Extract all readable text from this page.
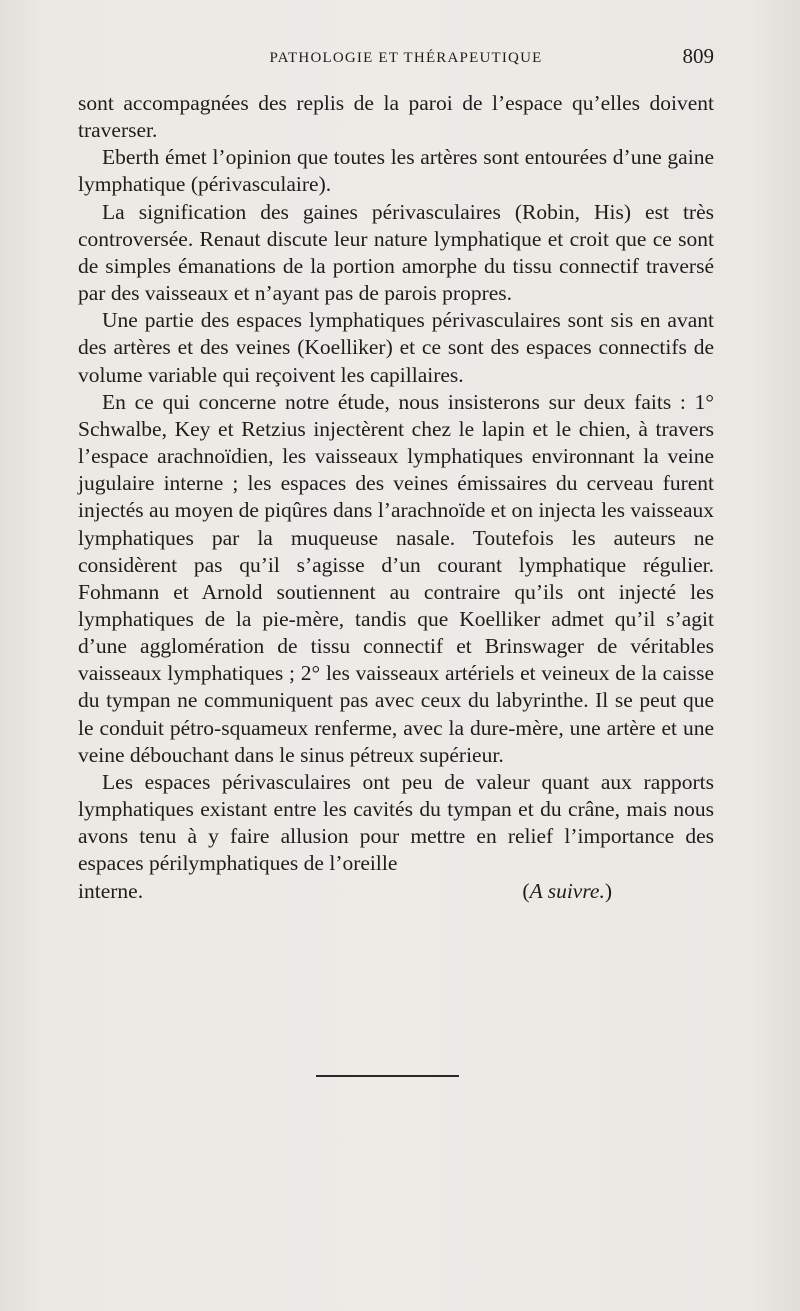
PATHOLOGIE ET THÉRAPEUTIQUE	809

sont accompagnées des replis de la paroi de l’espace qu’elles doivent traverser.

Eberth émet l’opinion que toutes les artères sont entourées d’une gaine lymphatique (périvasculaire).

La signification des gaines périvasculaires (Robin, His) est très controversée. Renaut discute leur nature lymphatique et croit que ce sont de simples émanations de la portion amorphe du tissu connectif traversé par des vaisseaux et n’ayant pas de parois propres.

Une partie des espaces lymphatiques périvasculaires sont sis en avant des artères et des veines (Koelliker) et ce sont des espaces connectifs de volume variable qui reçoivent les capillaires.

En ce qui concerne notre étude, nous insisterons sur deux faits : 1° Schwalbe, Key et Retzius injectèrent chez le lapin et le chien, à travers l’espace arachnoïdien, les vaisseaux lymphatiques environnant la veine jugulaire interne ; les espaces des veines émissaires du cerveau furent injectés au moyen de piqûres dans l’arachnoïde et on injecta les vaisseaux lymphatiques par la muqueuse nasale. Toutefois les auteurs ne considèrent pas qu’il s’agisse d’un courant lymphatique régulier. Fohmann et Arnold soutiennent au contraire qu’ils ont injecté les lymphatiques de la pie-mère, tandis que Koelliker admet qu’il s’agit d’une agglomération de tissu connectif et Brinswager de véritables vaisseaux lymphatiques ; 2° les vaisseaux artériels et veineux de la caisse du tympan ne communiquent pas avec ceux du labyrinthe. Il se peut que le conduit pétro-squameux renferme, avec la dure-mère, une artère et une veine débouchant dans le sinus pétreux supérieur.

Les espaces périvasculaires ont peu de valeur quant aux rapports lymphatiques existant entre les cavités du tympan et du crâne, mais nous avons tenu à y faire allusion pour mettre en relief l’importance des espaces périlymphatiques de l’oreille

interne.	(A suivre.)
